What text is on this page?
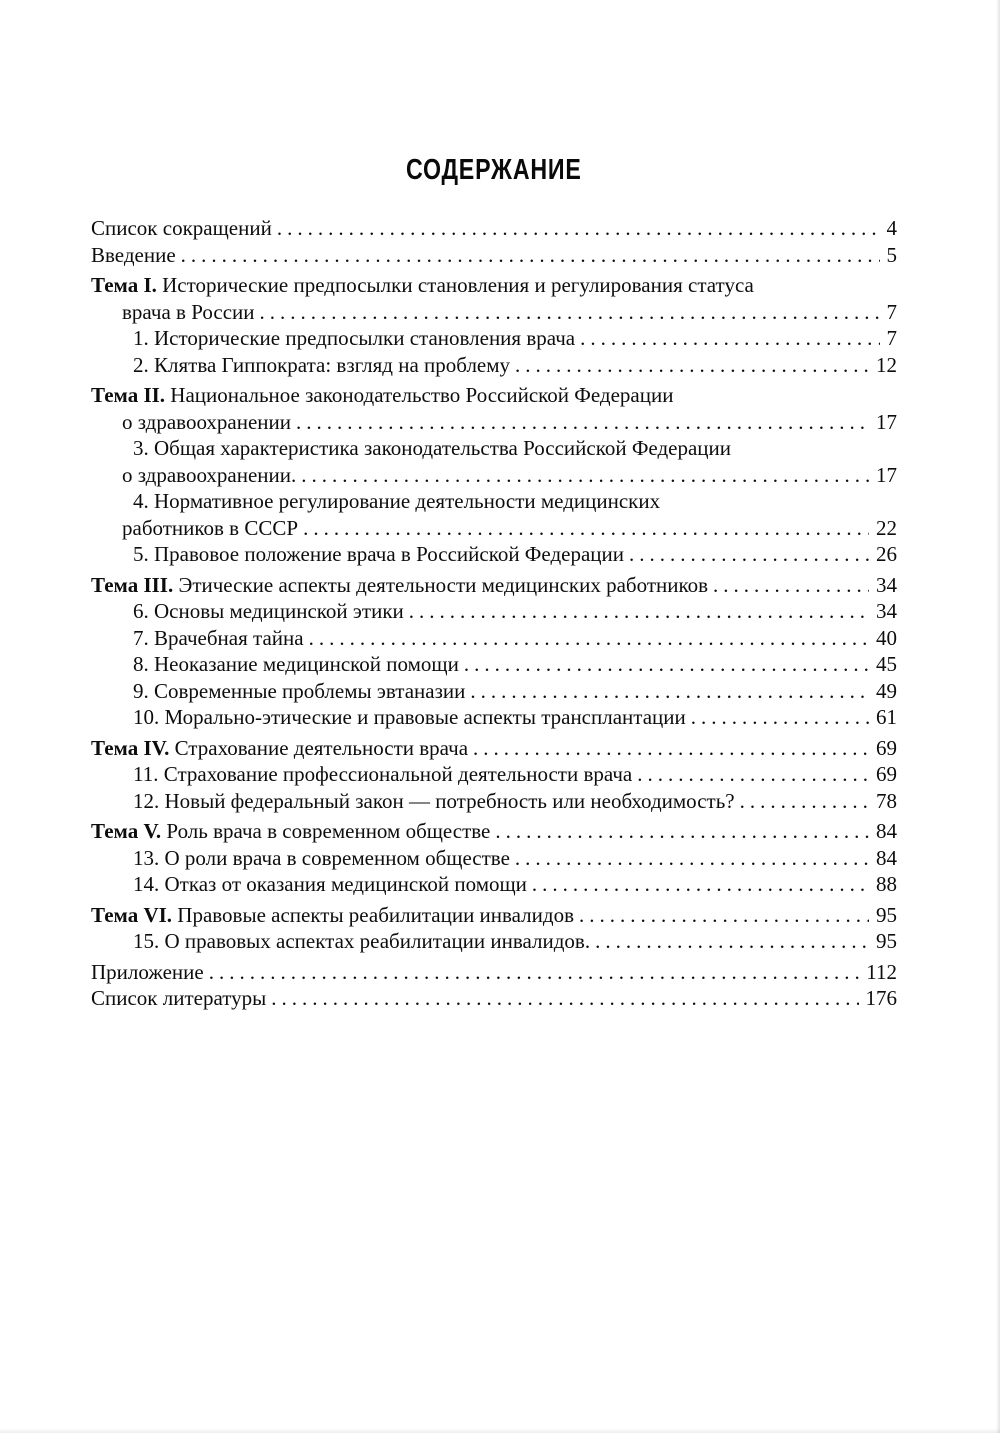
СОДЕРЖАНИЕ
Список сокращений .....	4
Введение .....	5
Тема I.
Исторические предпосылки становления и регулирования статуса
врача в России .....	7
1. Исторические предпосылки становления врача .....	7
2. Клятва Гиппократа: взгляд на проблему .....	12
Тема II.
Национальное законодательство Российской Федерации
о здравоохранении .....	17
3. Общая характеристика законодательства Российской Федерации
о здравоохранении. .....	17
4. Нормативное регулирование деятельности медицинских
работников в СССР .....	22
5. Правовое положение врача в Российской Федерации .....	26
Тема III.
Этические аспекты деятельности медицинских работников .....	34
6. Основы медицинской этики .....	34
7. Врачебная тайна .....	40
8. Неоказание медицинской помощи .....	45
9. Современные проблемы эвтаназии .....	49
10. Морально-этические и правовые аспекты трансплантации .....	61
Тема IV.
Страхование деятельности врача .....	69
11. Страхование профессиональной деятельности врача .....	69
12. Новый федеральный закон — потребность или необходимость? .....	78
Тема V.
Роль врача в современном обществе .....	84
13. О роли врача в современном обществе .....	84
14. Отказ от оказания медицинской помощи .....	88
Тема VI.
Правовые аспекты реабилитации инвалидов .....	95
15. О правовых аспектах реабилитации инвалидов. .....	95
Приложение .....	112
Список литературы .....	176
